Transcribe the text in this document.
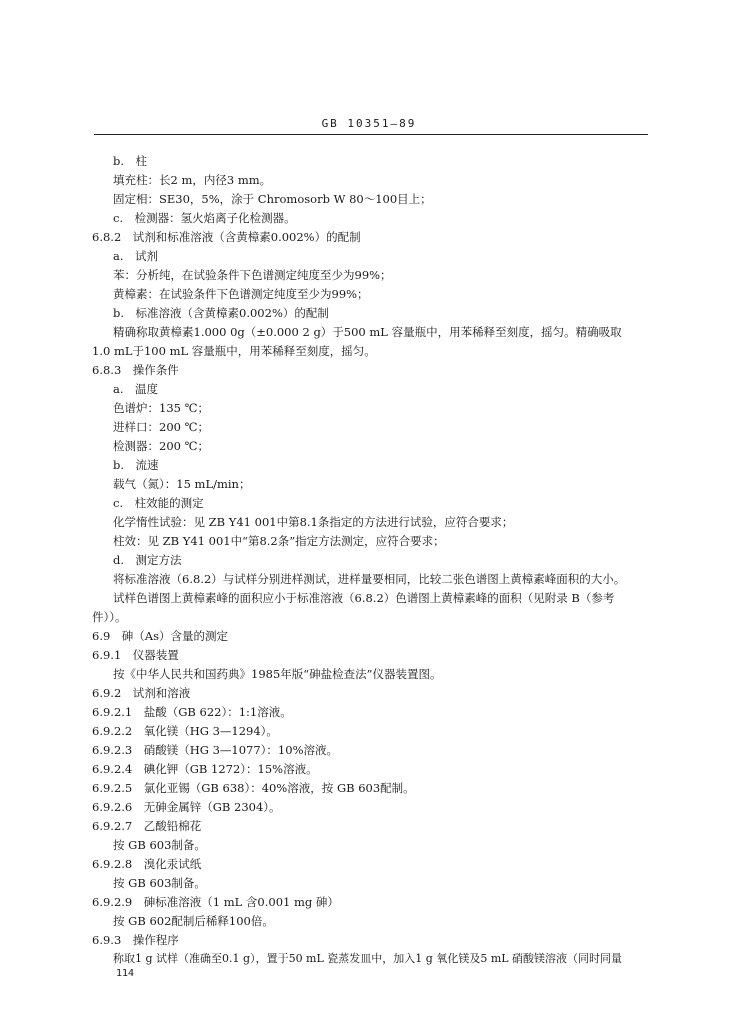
GB 10351—89
b.　柱
填充柱：长2 m，内径3 mm。
固定相：SE30，5%，涂于 Chromosorb W 80～100目上；
c.　检测器：氢火焰离子化检测器。
6.8.2　试剂和标准溶液（含黄樟素0.002%）的配制
a.　试剂
苯：分析纯，在试验条件下色谱测定纯度至少为99%；
黄樟素：在试验条件下色谱测定纯度至少为99%；
b.　标准溶液（含黄樟素0.002%）的配制
精确称取黄樟素1.000 0g（±0.000 2 g）于500 mL 容量瓶中，用苯稀释至刻度，摇匀。精确吸取
1.0 mL于100 mL 容量瓶中，用苯稀释至刻度，摇匀。
6.8.3　操作条件
a.　温度
色谱炉：135 ℃；
进样口：200 ℃；
检测器：200 ℃；
b.　流速
载气（氮）：15 mL/min；
c.　柱效能的测定
化学惰性试验：见 ZB Y41 001中第8.1条指定的方法进行试验，应符合要求；
柱效：见 ZB Y41 001中“第8.2条”指定方法测定，应符合要求；
d.　测定方法
将标准溶液（6.8.2）与试样分别进样测试，进样量要相同，比较二张色谱图上黄樟素峰面积的大小。
试样色谱图上黄樟素峰的面积应小于标准溶液（6.8.2）色谱图上黄樟素峰的面积（见附录 B（参考
件））。
6.9　砷（As）含量的测定
6.9.1　仪器装置
按《中华人民共和国药典》1985年版“砷盐检查法”仪器装置图。
6.9.2　试剂和溶液
6.9.2.1　盐酸（GB 622）：1:1溶液。
6.9.2.2　氧化镁（HG 3—1294）。
6.9.2.3　硝酸镁（HG 3—1077）：10%溶液。
6.9.2.4　碘化钾（GB 1272）：15%溶液。
6.9.2.5　氯化亚锡（GB 638）：40%溶液，按 GB 603配制。
6.9.2.6　无砷金属锌（GB 2304）。
6.9.2.7　乙酸铅棉花
按 GB 603制备。
6.9.2.8　溴化汞试纸
按 GB 603制备。
6.9.2.9　砷标准溶液（1 mL 含0.001 mg 砷）
按 GB 602配制后稀释100倍。
6.9.3　操作程序
称取1 g 试样（准确至0.1 g），置于50 mL 瓷蒸发皿中，加入1 g 氧化镁及5 mL 硝酸镁溶液（同时同量
114
